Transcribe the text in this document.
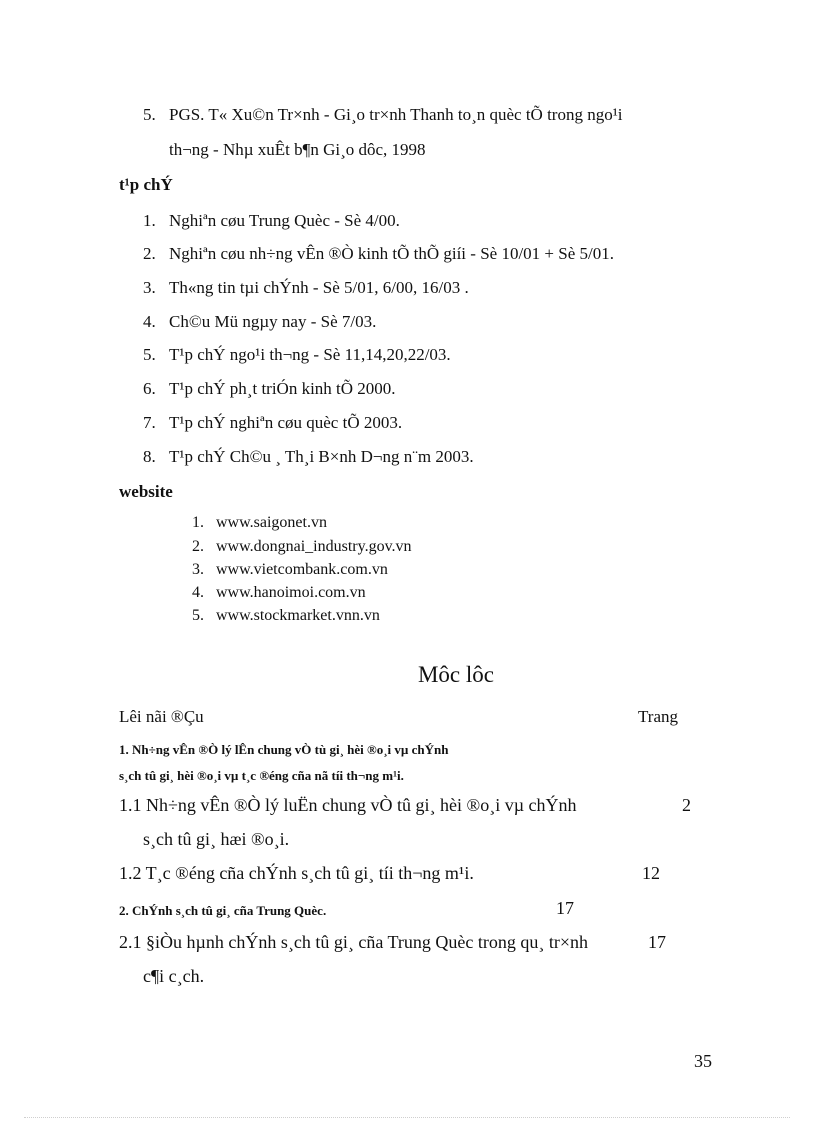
5. PGS. T« Xu©n Tr×nh - Gi¸o tr×nh Thanh to¸n quèc tÕ trong ngo¹i
th¬ng - Nhµ xuÊt b¶n Gi¸o dôc, 1998
t¹p chÝ
1. Nghiªn cøu Trung Quèc - Sè 4/00.
2. Nghiªn cøu nh÷ng vÊn ®Ò kinh tÕ thÕ giíi - Sè 10/01 + Sè 5/01.
3. Th«ng tin tµi chÝnh - Sè 5/01, 6/00, 16/03 .
4. Ch©u Mü ngµy nay - Sè 7/03.
5. T¹p chÝ ngo¹i th¬ng - Sè 11,14,20,22/03.
6. T¹p chÝ ph¸t triÓn kinh tÕ 2000.
7. T¹p chÝ nghiªn cøu quèc tÕ 2003.
8. T¹p chÝ Ch©u ¸ Th¸i B×nh D¬ng n¨m 2003.
website
1. www.saigonet.vn
2. www.dongnai_industry.gov.vn
3. www.vietcombank.com.vn
4. www.hanoimoi.com.vn
5. www.stockmarket.vnn.vn
Môc lôc
Lêi nãi ®Çu	Trang
1. Nh÷ng vÊn ®Ò lý lÊn chung vÒ tù gi¸ hèi ®o¸i vµ chÝnh
s¸ch tû gi¸ hèi ®o¸i vµ t¸c ®éng cña nã tíi th¬ng m¹i.
1.1 Nh÷ng vÊn ®Ò lý luËn chung vÒ tû gi¸ hèi ®o¸i vµ chÝnh	2
s¸ch tû gi¸ hæi ®o¸i.
1.2 T¸c ®éng cña chÝnh s¸ch tû gi¸ tíi th¬ng m¹i.	12
2. ChÝnh s¸ch tû gi¸ cña Trung Quèc.	17
2.1 §iÒu hµnh chÝnh s¸ch tû gi¸ cña Trung Quèc trong qu¸ tr×nh	17
c¶i c¸ch.
35
